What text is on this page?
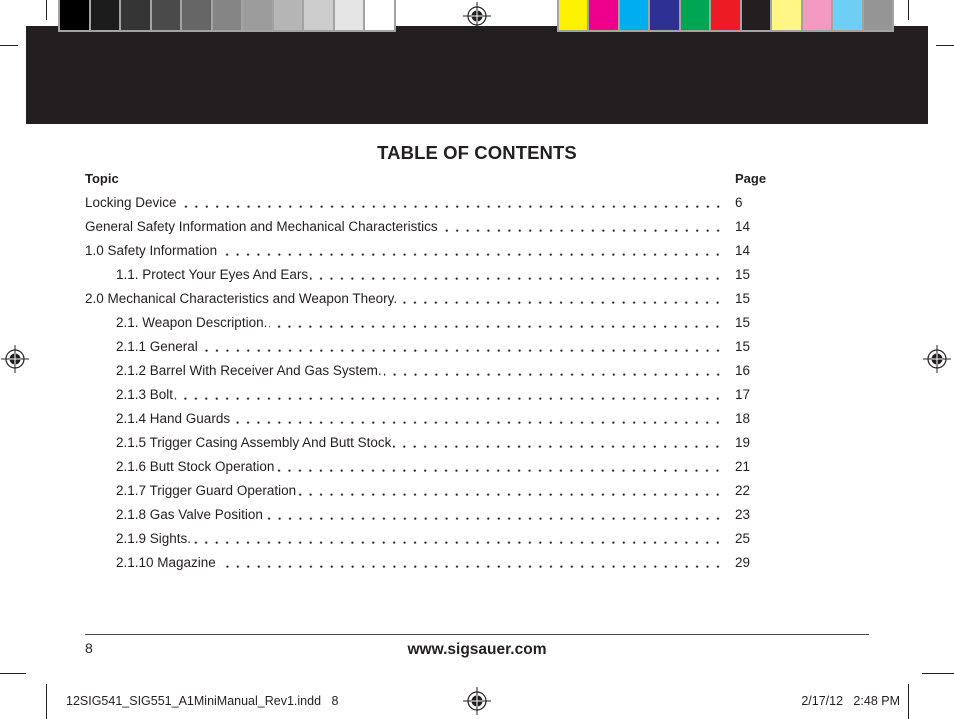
TABLE OF CONTENTS
Topic	Page
Locking Device	6
General Safety Information and Mechanical Characteristics	14
1.0 Safety Information	14
1.1. Protect Your Eyes And Ears	15
2.0 Mechanical Characteristics and Weapon Theory.	15
2.1. Weapon Description.	15
2.1.1 General	15
2.1.2 Barrel With Receiver And Gas System.	16
2.1.3 Bolt	17
2.1.4 Hand Guards	18
2.1.5 Trigger Casing Assembly And Butt Stock	19
2.1.6 Butt Stock Operation	21
2.1.7 Trigger Guard Operation	22
2.1.8 Gas Valve Position	23
2.1.9 Sights.	25
2.1.10 Magazine	29
8	www.sigsauer.com
12SIG541_SIG551_A1MiniManual_Rev1.indd   8	2/17/12   2:48 PM
